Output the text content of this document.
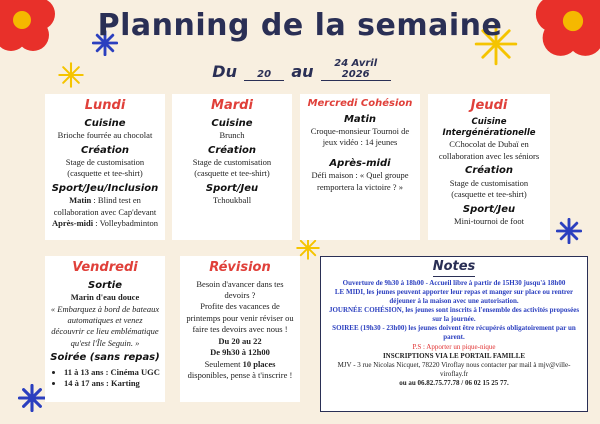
Planning de la semaine
Du 20 au 24 Avril 2026
Lundi
Cuisine
Brioche fourrée au chocolat
Création
Stage de customisation (casquette et tee-shirt)
Sport/Jeu/Inclusion
Matin : Blind test en collaboration avec Cap'devant
Après-midi : Volleybadminton
Mardi
Cuisine
Brunch
Création
Stage de customisation (casquette et tee-shirt)
Sport/Jeu
Tchoukball
Mercredi Cohésion
Matin
Croque-monsieur Tournoi de jeux vidéo : 14 jeunes
Après-midi
Défi maison : « Quel groupe remportera la victoire ? »
Jeudi
Cuisine Intergénérationelle
CChocolat de Dubaï en collaboration avec les séniors
Création
Stage de customisation (casquette et tee-shirt)
Sport/Jeu
Mini-tournoi de foot
Vendredi
Sortie
Marin d'eau douce
« Embarquez à bord de bateaux automatiques et venez découvrir ce lieu emblématique qu'est l'Île Seguin. »
Soirée (sans repas)
• 11 à 13 ans : Cinéma UGC
• 14 à 17 ans : Karting
Révision
Besoin d'avancer dans tes devoirs ?
Profite des vacances de printemps pour venir réviser ou faire tes devoirs avec nous !
Du 20 au 22
De 9h30 à 12h00
Seulement 10 places disponibles, pense à t'inscrire !
Notes
Ouverture de 9h30 à 18h00 - Accueil libre à partir de 15H30 jusqu'à 18h00
LE MIDI, les jeunes peuvent apporter leur repas et manger sur place ou rentrer déjeuner à la maison avec une autorisation.
JOURNÉE COHÉSION, les jeunes sont inscrits à l'ensemble des activités proposées sur la journée.
SOIREE (19h30 - 23h00) les jeunes doivent être récupérés obligatoirement par un parent.
P.S : Apporter un pique-nique
INSCRIPTIONS VIA LE PORTAIL FAMILLE
MJV - 3 rue Nicolas Nicquet, 78220 Viroflay nous contacter par mail à mjv@ville-viroflay.fr
ou au 06.82.75.77.78 / 06 02 15 25 77.
